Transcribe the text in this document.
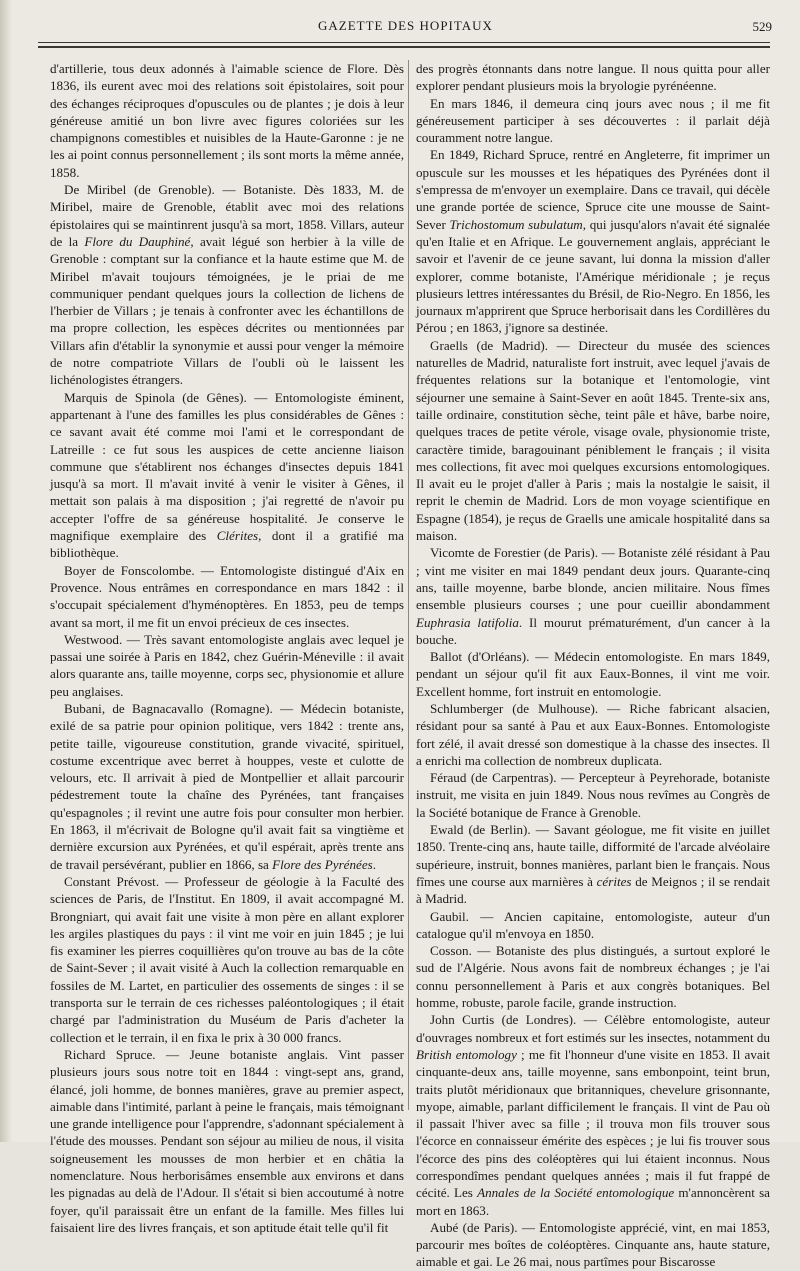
GAZETTE DES HOPITAUX	529

d'artillerie, tous deux adonnés à l'aimable science de Flore. Dès 1836, ils eurent avec moi des relations soit épistolaires, soit pour des échanges réciproques d'opuscules ou de plantes ; je dois à leur généreuse amitié un bon livre avec figures coloriées sur les champignons comestibles et nuisibles de la Haute-Garonne : je ne les ai point connus personnellement ; ils sont morts la même année, 1858.

De Miribel (de Grenoble). — Botaniste. Dès 1833, M. de Miribel, maire de Grenoble, établit avec moi des relations épistolaires qui se maintinrent jusqu'à sa mort, 1858. Villars, auteur de la Flore du Dauphiné, avait légué son herbier à la ville de Grenoble : comptant sur la confiance et la haute estime que M. de Miribel m'avait toujours témoignées, je le priai de me communiquer pendant quelques jours la collection de lichens de l'herbier de Villars ; je tenais à confronter avec les échantillons de ma propre collection, les espèces décrites ou mentionnées par Villars afin d'établir la synonymie et aussi pour venger la mémoire de notre compatriote Villars de l'oubli où le laissent les lichénologistes étrangers.

Marquis de Spinola (de Gênes). — Entomologiste éminent, appartenant à l'une des familles les plus considérables de Gênes : ce savant avait été comme moi l'ami et le correspondant de Latreille : ce fut sous les auspices de cette ancienne liaison commune que s'établirent nos échanges d'insectes depuis 1841 jusqu'à sa mort. Il m'avait invité à venir le visiter à Gênes, il mettait son palais à ma disposition ; j'ai regretté de n'avoir pu accepter l'offre de sa généreuse hospitalité. Je conserve le magnifique exemplaire des Clérites, dont il a gratifié ma bibliothèque.

Boyer de Fonscolombe. — Entomologiste distingué d'Aix en Provence. Nous entrâmes en correspondance en mars 1842 : il s'occupait spécialement d'hyménoptères. En 1853, peu de temps avant sa mort, il me fit un envoi précieux de ces insectes.

Westwood. — Très savant entomologiste anglais avec lequel je passai une soirée à Paris en 1842, chez Guérin-Méneville : il avait alors quarante ans, taille moyenne, corps sec, physionomie et allure peu anglaises.

Bubani, de Bagnacavallo (Romagne). — Médecin botaniste, exilé de sa patrie pour opinion politique, vers 1842 : trente ans, petite taille, vigoureuse constitution, grande vivacité, spirituel, costume excentrique avec berret à houppes, veste et culotte de velours, etc. Il arrivait à pied de Montpellier et allait parcourir pédestrement toute la chaîne des Pyrénées, tant françaises qu'espagnoles ; il revint une autre fois pour consulter mon herbier. En 1863, il m'écrivait de Bologne qu'il avait fait sa vingtième et dernière excursion aux Pyrénées, et qu'il espérait, après trente ans de travail persévérant, publier en 1866, sa Flore des Pyrénées.

Constant Prévost. — Professeur de géologie à la Faculté des sciences de Paris, de l'Institut. En 1809, il avait accompagné M. Brongniart, qui avait fait une visite à mon père en allant explorer les argiles plastiques du pays : il vint me voir en juin 1845 ; je lui fis examiner les pierres coquillières qu'on trouve au bas de la côte de Saint-Sever ; il avait visité à Auch la collection remarquable en fossiles de M. Lartet, en particulier des ossements de singes : il se transporta sur le terrain de ces richesses paléontologiques ; il était chargé par l'administration du Muséum de Paris d'acheter la collection et le terrain, il en fixa le prix à 30 000 francs.

Richard Spruce. — Jeune botaniste anglais. Vint passer plusieurs jours sous notre toit en 1844 : vingt-sept ans, grand, élancé, joli homme, de bonnes manières, grave au premier aspect, aimable dans l'intimité, parlant à peine le français, mais témoignant une grande intelligence pour l'apprendre, s'adonnant spécialement à l'étude des mousses. Pendant son séjour au milieu de nous, il visita soigneusement les mousses de mon herbier et en châtia la nomenclature. Nous herborisâmes ensemble aux environs et dans les pignadas au delà de l'Adour. Il s'était si bien accoutumé à notre foyer, qu'il paraissait être un enfant de la famille. Mes filles lui faisaient lire des livres français, et son aptitude était telle qu'il fit

des progrès étonnants dans notre langue. Il nous quitta pour aller explorer pendant plusieurs mois la bryologie pyrénéenne.

En mars 1846, il demeura cinq jours avec nous ; il me fit généreusement participer à ses découvertes : il parlait déjà couramment notre langue.

En 1849, Richard Spruce, rentré en Angleterre, fit imprimer un opuscule sur les mousses et les hépatiques des Pyrénées dont il s'empressa de m'envoyer un exemplaire. Dans ce travail, qui décèle une grande portée de science, Spruce cite une mousse de Saint-Sever Trichostomum subulatum, qui jusqu'alors n'avait été signalée qu'en Italie et en Afrique. Le gouvernement anglais, appréciant le savoir et l'avenir de ce jeune savant, lui donna la mission d'aller explorer, comme botaniste, l'Amérique méridionale ; je reçus plusieurs lettres intéressantes du Brésil, de Rio-Negro. En 1856, les journaux m'apprirent que Spruce herborisait dans les Cordillères du Pérou ; en 1863, j'ignore sa destinée.

Graells (de Madrid). — Directeur du musée des sciences naturelles de Madrid, naturaliste fort instruit, avec lequel j'avais de fréquentes relations sur la botanique et l'entomologie, vint séjourner une semaine à Saint-Sever en août 1845. Trente-six ans, taille ordinaire, constitution sèche, teint pâle et hâve, barbe noire, quelques traces de petite vérole, visage ovale, physionomie triste, caractère timide, baragouinant péniblement le français ; il visita mes collections, fit avec moi quelques excursions entomologiques. Il avait eu le projet d'aller à Paris ; mais la nostalgie le saisit, il reprit le chemin de Madrid. Lors de mon voyage scientifique en Espagne (1854), je reçus de Graells une amicale hospitalité dans sa maison.

Vicomte de Forestier (de Paris). — Botaniste zélé résidant à Pau ; vint me visiter en mai 1849 pendant deux jours. Quarante-cinq ans, taille moyenne, barbe blonde, ancien militaire. Nous fîmes ensemble plusieurs courses ; une pour cueillir abondamment Euphrasia latifolia. Il mourut prématurément, d'un cancer à la bouche.

Ballot (d'Orléans). — Médecin entomologiste. En mars 1849, pendant un séjour qu'il fit aux Eaux-Bonnes, il vint me voir. Excellent homme, fort instruit en entomologie.

Schlumberger (de Mulhouse). — Riche fabricant alsacien, résidant pour sa santé à Pau et aux Eaux-Bonnes. Entomologiste fort zélé, il avait dressé son domestique à la chasse des insectes. Il a enrichi ma collection de nombreux duplicata.

Féraud (de Carpentras). — Percepteur à Peyrehorade, botaniste instruit, me visita en juin 1849. Nous nous revîmes au Congrès de la Société botanique de France à Grenoble.

Ewald (de Berlin). — Savant géologue, me fit visite en juillet 1850. Trente-cinq ans, haute taille, difformité de l'arcade alvéolaire supérieure, instruit, bonnes manières, parlant bien le français. Nous fîmes une course aux marnières à cérites de Meignos ; il se rendait à Madrid.

Gaubil. — Ancien capitaine, entomologiste, auteur d'un catalogue qu'il m'envoya en 1850.

Cosson. — Botaniste des plus distingués, a surtout exploré le sud de l'Algérie. Nous avons fait de nombreux échanges ; je l'ai connu personnellement à Paris et aux congrès botaniques. Bel homme, robuste, parole facile, grande instruction.

John Curtis (de Londres). — Célèbre entomologiste, auteur d'ouvrages nombreux et fort estimés sur les insectes, notamment du British entomology ; me fit l'honneur d'une visite en 1853. Il avait cinquante-deux ans, taille moyenne, sans embonpoint, teint brun, traits plutôt méridionaux que britanniques, chevelure grisonnante, myope, aimable, parlant difficilement le français. Il vint de Pau où il passait l'hiver avec sa fille ; il trouva mon fils trouver sous l'écorce en connaisseur émérite des espèces ; je lui fis trouver sous l'écorce des pins des coléoptères qui lui étaient inconnus. Nous correspondîmes pendant quelques années ; mais il fut frappé de cécité. Les Annales de la Société entomologique m'annoncèrent sa mort en 1863.

Aubé (de Paris). — Entomologiste apprécié, vint, en mai 1853, parcourir mes boîtes de coléoptères. Cinquante ans, haute stature, aimable et gai. Le 26 mai, nous partîmes pour Biscarosse
